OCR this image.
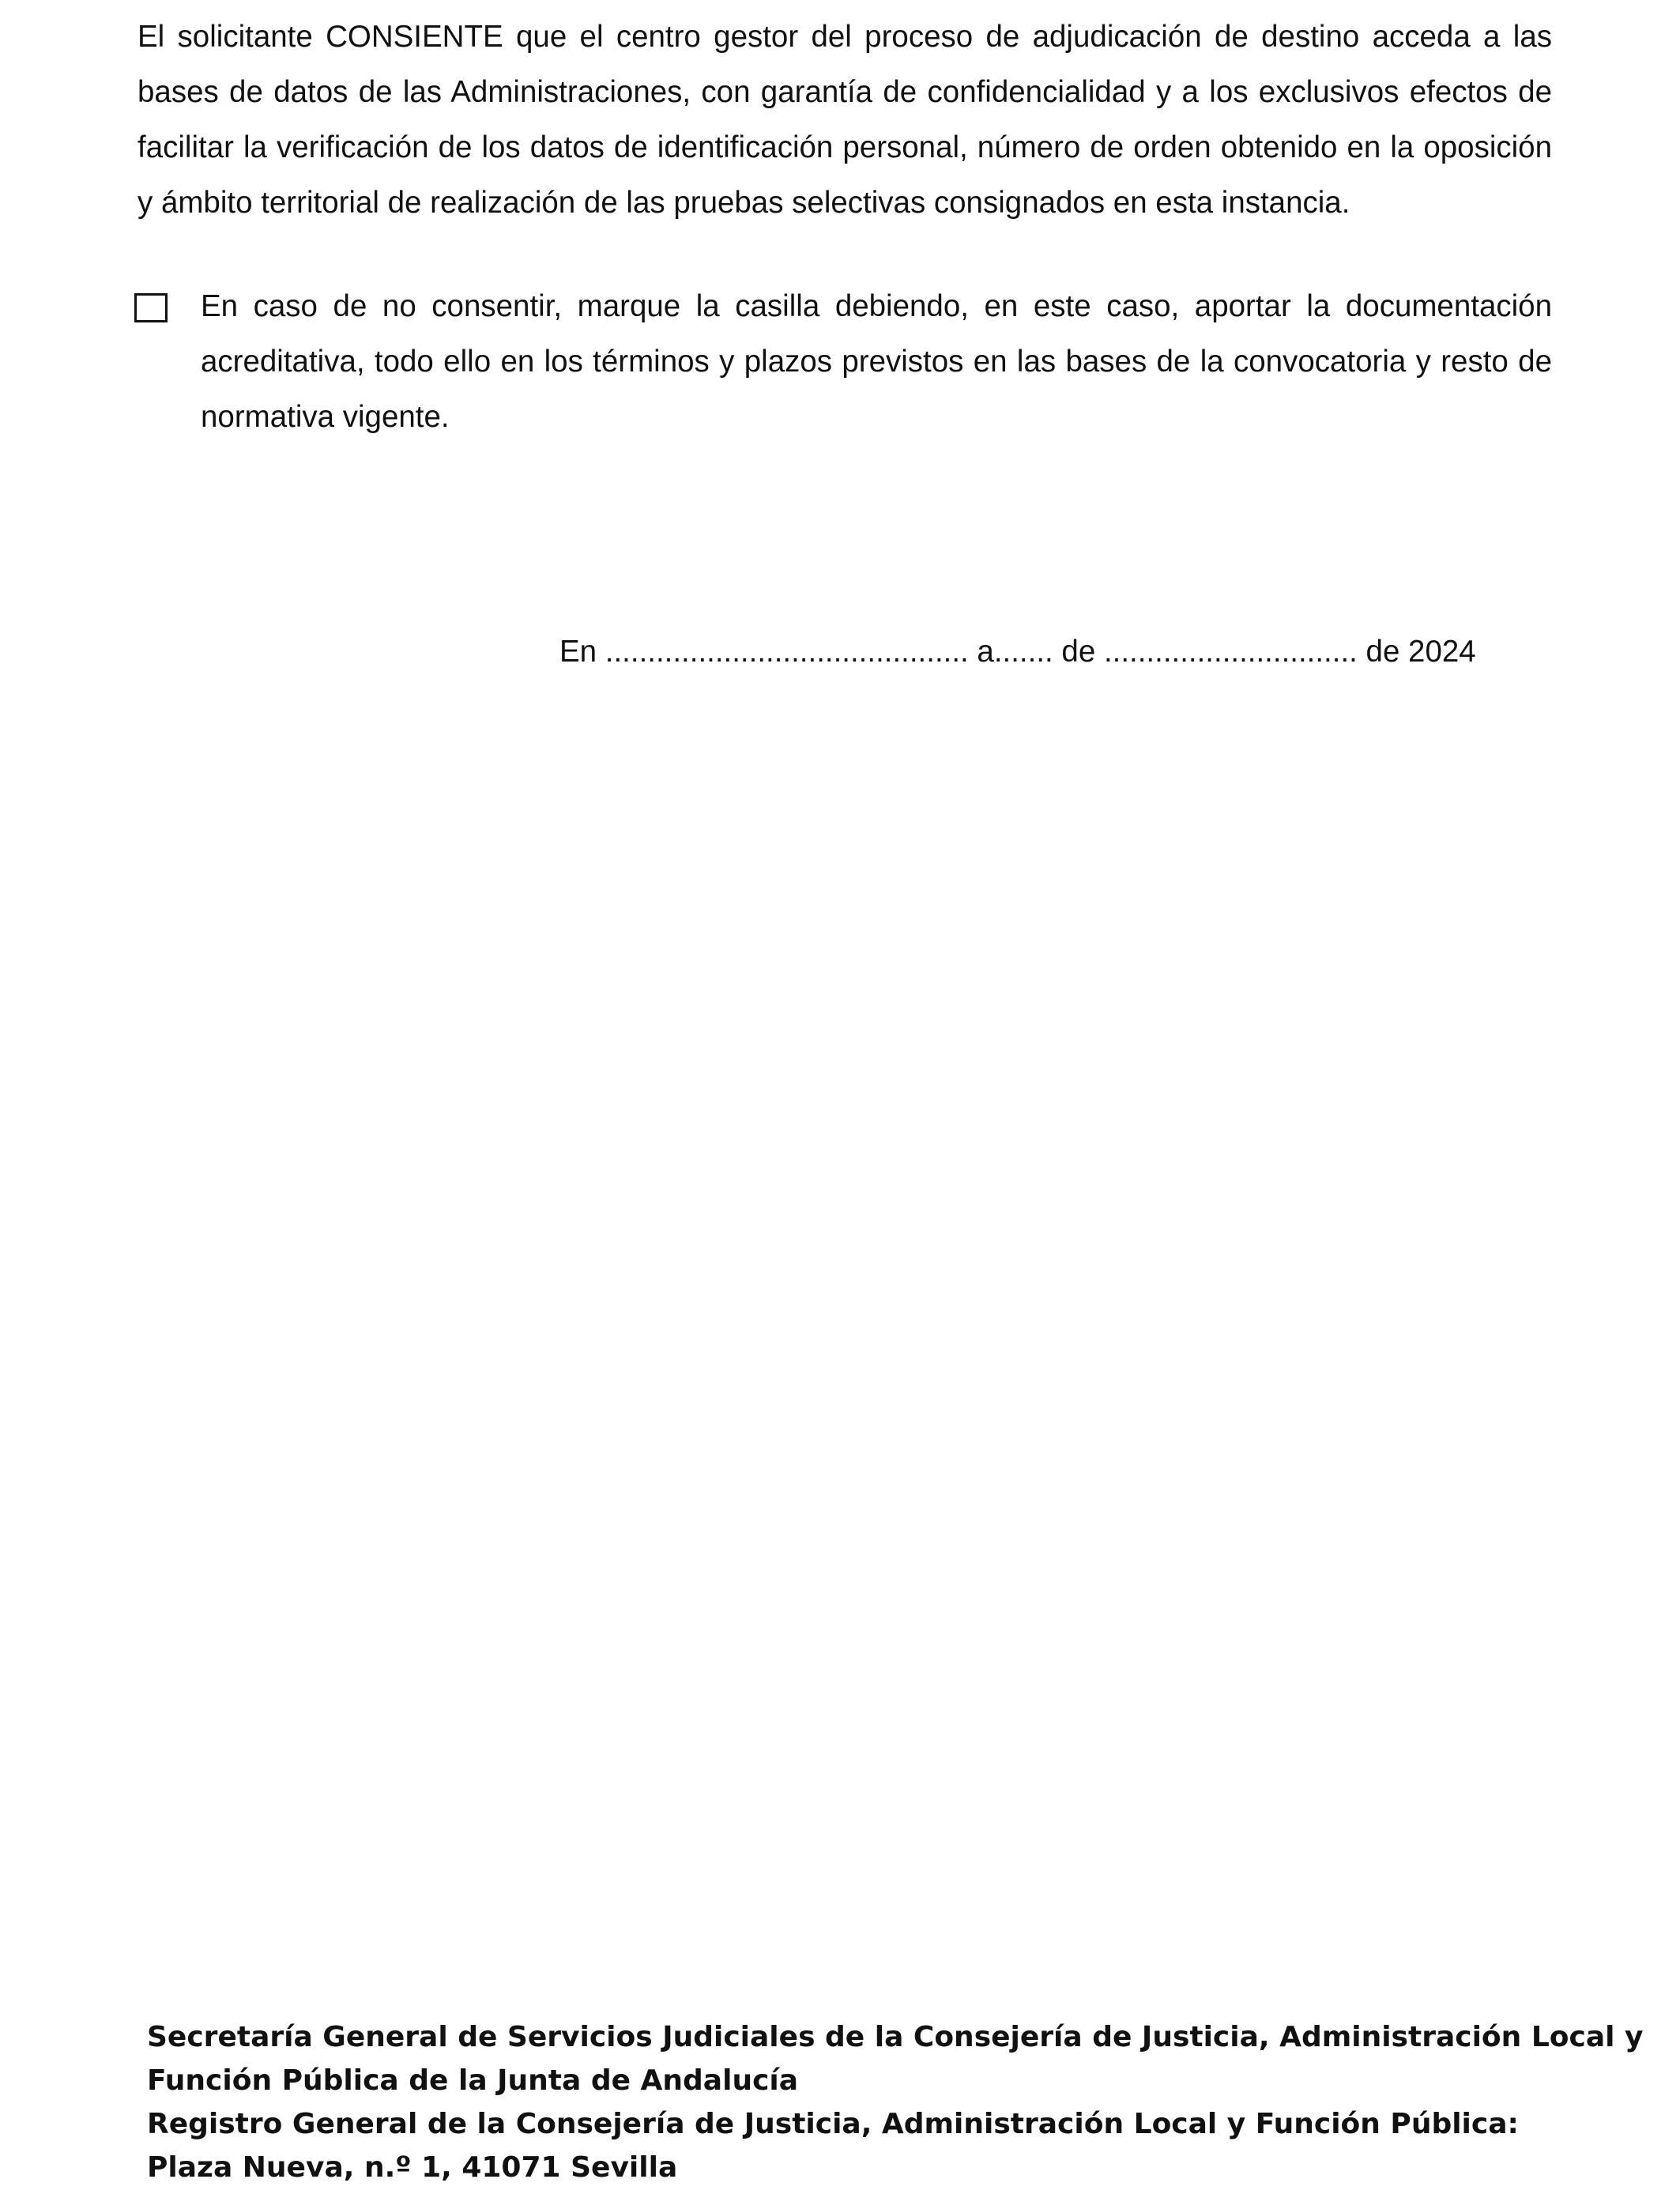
El solicitante CONSIENTE que el centro gestor del proceso de adjudicación de destino acceda a las bases de datos de las Administraciones, con garantía de confidencialidad y a los exclusivos efectos de facilitar la verificación de los datos de identificación personal, número de orden obtenido en la oposición y ámbito territorial de realización de las pruebas selectivas consignados en esta instancia.

En caso de no consentir, marque la casilla debiendo, en este caso, aportar la documentación acreditativa, todo ello en los términos y plazos previstos en las bases de la convocatoria y resto de normativa vigente.

En ........................................... a....... de .............................. de 2024
Secretaría General de Servicios Judiciales de la Consejería de Justicia, Administración Local y
Función Pública de la Junta de Andalucía
Registro General de la Consejería de Justicia, Administración Local y Función Pública:
Plaza Nueva, n.º 1, 41071 Sevilla
